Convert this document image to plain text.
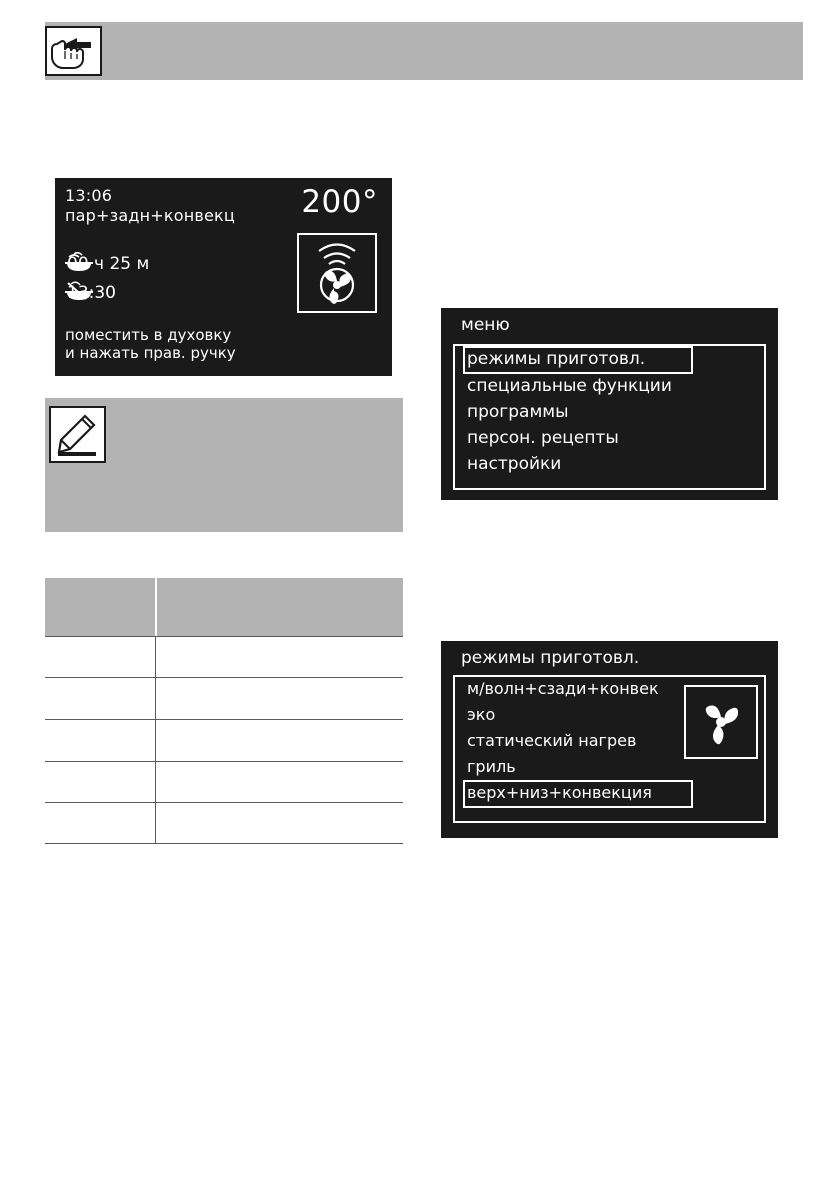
13:06
пар+задн+конвекц 200°
00 ч 25 м
13:30
поместить в духовку
и нажать прав. ручку
меню
режимы приготовл.
специальные функции
программы
персон. рецепты
настройки
режимы приготовл.
м/волн+сзади+конвек
эко
статический нагрев
гриль
верх+низ+конвекция
